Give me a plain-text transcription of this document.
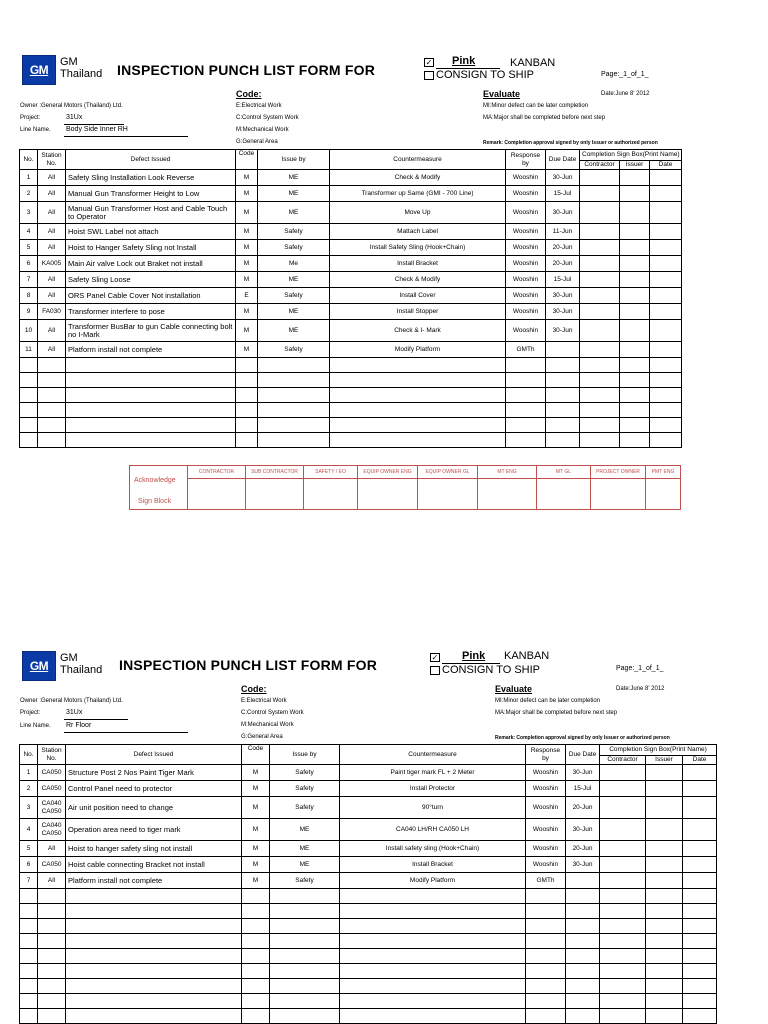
GM
GM
Thailand INSPECTION PUNCH LIST FORM FOR	✓ Pink	KANBAN
CONSIGN TO SHIP	Page:_1_of_1_
Owner :General Motors (Thailand) Ltd.
Project:	31Ux
Line Name. Body Side Inner RH
Code:
E:Electrical Work
C:Control System Work
M:Mechanical Work
G:General Area
Evaluate	Date:June 8' 2012
MI:Minor defect can be later completion
MA:Major shall be completed before next step
Remark: Completion approval signed by only Issuer or authorized person
No.	Station No.	Defect Issued	Code	Issue by	Countermeasure	Response by	Due Date	Completion Sign Box(Print Name)		
								Contractor	Issuer	Date
1	All	Safety Sling Installation Look Reverse	M	ME	Check & Modify	Wooshin	30-Jun			
2	All	Manual Gun Transformer Height to Low	M	ME	Transformer up Same (GMI - 700 Line)	Wooshin	15-Jul			
3	All	Manual Gun Transformer Host and Cable Touch to Operator	M	ME	Move Up	Wooshin	30-Jun			
4	All	Hoist SWL Label not attach	M	Safety	Mattach Label	Wooshin	11-Jun			
5	All	Hoist to Hanger Safety Sling not Install	M	Safety	Install Safety Sling (Hook+Chain)	Wooshin	20-Jun			
6	KA005	Main Air valve Lock out Braket not install	M	Me	Install Bracket	Wooshin	20-Jun			
7	All	Safety Sling Loose	M	ME	Check & Modify	Wooshin	15-Jul			
8	All	ORS Panel Cable Cover Not installation	E	Safety	Install Cover	Wooshin	30-Jun			
9	FA030	Transformer interfere to pose	M	ME	Install Stopper	Wooshin	30-Jun			
10	All	Transformer BusBar to gun Cable connecting bolt no I-Mark	M	ME	Check & I- Mark	Wooshin	30-Jun			
11	All	Platform install not complete	M	Safety	Modify Platform	GMTh				

Acknowledge
Sign Block
	CONTRACTOR	SUB CONTRACTOR	SAFETY / EO	EQUIP OWNER ENG	EQUIP OWNER GL	MT ENG	MT GL	PROJECT OWNER	PMT ENG

GM
GM
Thailand INSPECTION PUNCH LIST FORM FOR	✓ Pink KANBAN
CONSIGN TO SHIP	Page:_1_of_1_
Owner :General Motors (Thailand) Ltd.
Project:	31Ux
Line Name. Rr Floor
Code:
E:Electrical Work
C:Control System Work
M:Mechanical Work
G:General Area
Evaluate	Date:June 8' 2012
MI:Minor defect can be later completion
MA:Major shall be completed before next step
Remark: Completion approval signed by only Issuer or authorized person
No.	Station No.	Defect Issued	Code	Issue by	Countermeasure	Response by	Due Date	Completion Sign Box(Print Name)		
								Contractor	Issuer	Date
1	CA050	Structure Post 2 Nos Paint Tiger Mark	M	Safety	Paint tiger mark FL + 2 Meter	Wooshin	30-Jun			
2	CA050	Control Panel need to protector	M	Safety	Install Protector	Wooshin	15-Jul			
3	CA040 CA050	Air unit position need to change	M	Safety	90°turn	Wooshin	20-Jun			
4	CA040 CA050	Operation area need to tiger mark	M	ME	CA040 LH/RH CA050 LH	Wooshin	30-Jun			
5	All	Hoist to hanger safety sling not install	M	ME	Install safety sling (Hook+Chain)	Wooshin	20-Jun			
6	CA050	Hoist cable connecting Bracket not install	M	ME	Install Bracket	Wooshin	30-Jun			
7	All	Platform install not complete	M	Safety	Modify Platform	GMTh				
